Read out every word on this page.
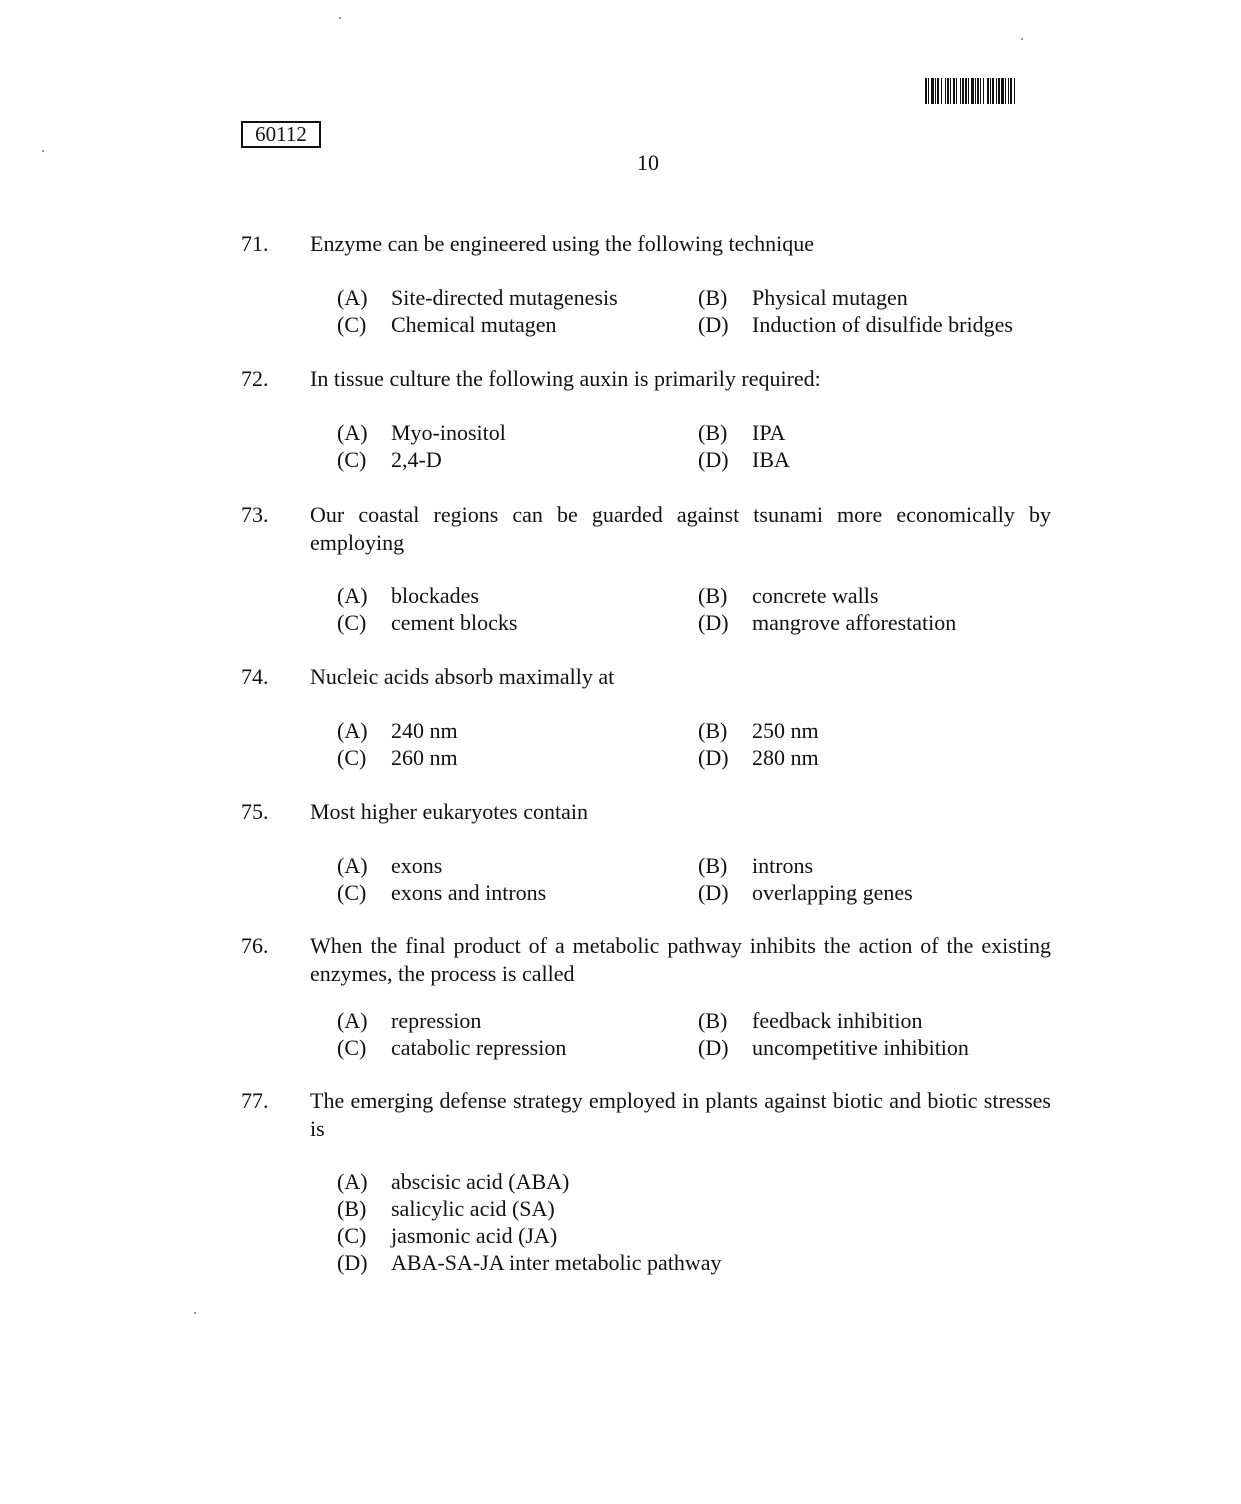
60112
10
71. Enzyme can be engineered using the following technique
(A) Site-directed mutagenesis	(B) Physical mutagen
(C) Chemical mutagen	(D) Induction of disulfide bridges
72. In tissue culture the following auxin is primarily required:
(A) Myo-inositol	(B) IPA
(C) 2,4-D	(D) IBA
73. Our coastal regions can be guarded against tsunami more economically by employing
(A) blockades	(B) concrete walls
(C) cement blocks	(D) mangrove afforestation
74. Nucleic acids absorb maximally at
(A) 240 nm	(B) 250 nm
(C) 260 nm	(D) 280 nm
75. Most higher eukaryotes contain
(A) exons	(B) introns
(C) exons and introns	(D) overlapping genes
76. When the final product of a metabolic pathway inhibits the action of the existing enzymes, the process is called
(A) repression	(B) feedback inhibition
(C) catabolic repression	(D) uncompetitive inhibition
77. The emerging defense strategy employed in plants against biotic and biotic stresses is
(A) abscisic acid (ABA)
(B) salicylic acid (SA)
(C) jasmonic acid (JA)
(D) ABA-SA-JA inter metabolic pathway
